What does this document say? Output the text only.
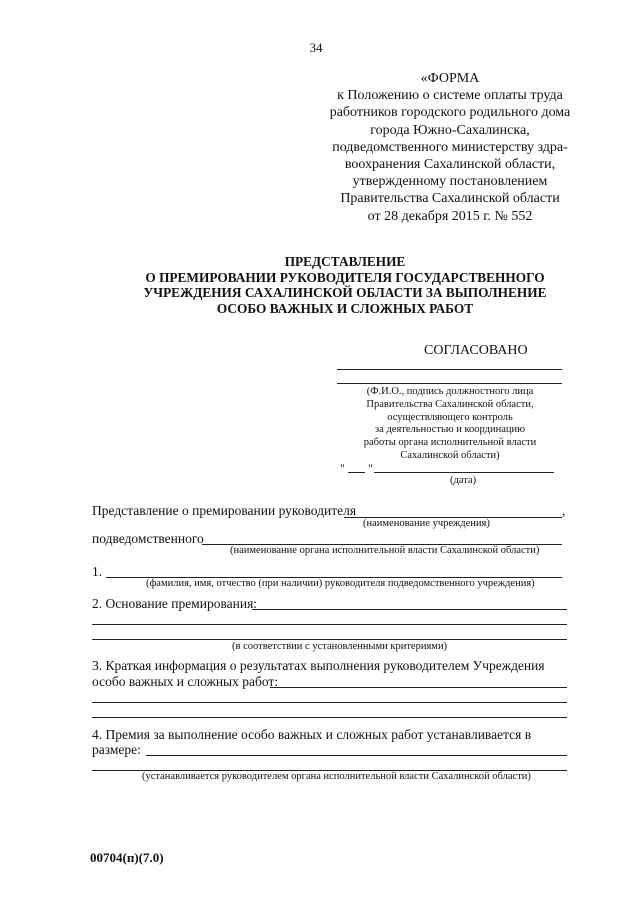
34
«ФОРМА
к Положению о системе оплаты труда
работников городского родильного дома
города Южно-Сахалинска,
подведомственного министерству здра-
воохранения Сахалинской области,
утвержденному постановлением
Правительства Сахалинской области
от 28 декабря 2015 г. № 552
ПРЕДСТАВЛЕНИЕ
О ПРЕМИРОВАНИИ РУКОВОДИТЕЛЯ ГОСУДАРСТВЕННОГО
УЧРЕЖДЕНИЯ САХАЛИНСКОЙ ОБЛАСТИ ЗА ВЫПОЛНЕНИЕ
ОСОБО ВАЖНЫХ И СЛОЖНЫХ РАБОТ
СОГЛАСОВАНО
(Ф.И.О., подпись должностного лица
Правительства Сахалинской области,
осуществляющего контроль
за деятельностью и координацию
работы органа исполнительной власти
Сахалинской области)
" "
(дата)
Представление о премировании руководителя	,
(наименование учреждения)
подведомственного
(наименование органа исполнительной власти Сахалинской области)
1.
(фамилия, имя, отчество (при наличии) руководителя подведомственного учреждения)
2. Основание премирования:
(в соответствии с установленными критериями)
3. Краткая информация о результатах выполнения руководителем Учреждения
особо важных и сложных работ:
4. Премия за выполнение особо важных и сложных работ устанавливается в
размере:
(устанавливается руководителем органа исполнительной власти Сахалинской области)
00704(п)(7.0)
